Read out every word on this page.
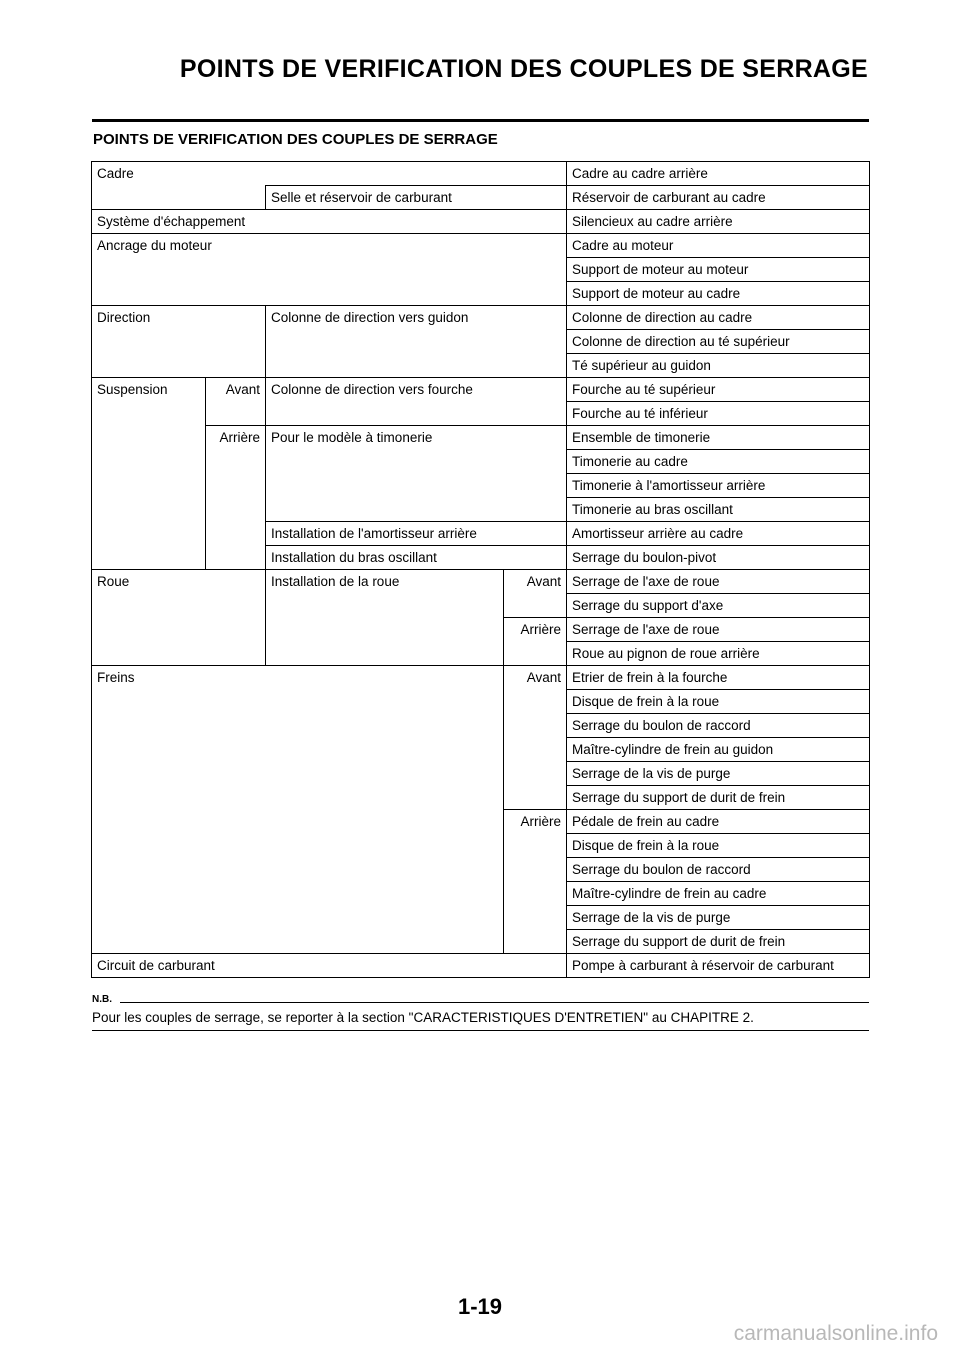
POINTS DE VERIFICATION DES COUPLES DE SERRAGE
POINTS DE VERIFICATION DES COUPLES DE SERRAGE
Cadre				Cadre au cadre arrière
		Selle et réservoir de carburant		Réservoir de carburant au cadre
Système d'échappement				Silencieux au cadre arrière
Ancrage du moteur				Cadre au moteur
				Support de moteur au moteur
				Support de moteur au cadre
Direction		Colonne de direction vers guidon		Colonne de direction au cadre
				Colonne de direction au té supérieur
				Té supérieur au guidon
Suspension	Avant	Colonne de direction vers fourche		Fourche au té supérieur
				Fourche au té inférieur
	Arrière	Pour le modèle à timonerie		Ensemble de timonerie
				Timonerie au cadre
				Timonerie à l'amortisseur arrière
				Timonerie au bras oscillant
		Installation de l'amortisseur arrière		Amortisseur arrière au cadre
		Installation du bras oscillant		Serrage du boulon-pivot
Roue		Installation de la roue	Avant	Serrage de l'axe de roue
				Serrage du support d'axe
			Arrière	Serrage de l'axe de roue
				Roue au pignon de roue arrière
Freins			Avant	Etrier de frein à la fourche
				Disque de frein à la roue
				Serrage du boulon de raccord
				Maître-cylindre de frein au guidon
				Serrage de la vis de purge
				Serrage du support de durit de frein
			Arrière	Pédale de frein au cadre
				Disque de frein à la roue
				Serrage du boulon de raccord
				Maître-cylindre de frein au cadre
				Serrage de la vis de purge
				Serrage du support de durit de frein
Circuit de carburant				Pompe à carburant à réservoir de carburant
N.B.
Pour les couples de serrage, se reporter à la section "CARACTERISTIQUES D'ENTRETIEN" au CHAPITRE 2.
1-19
carmanualsonline.info
